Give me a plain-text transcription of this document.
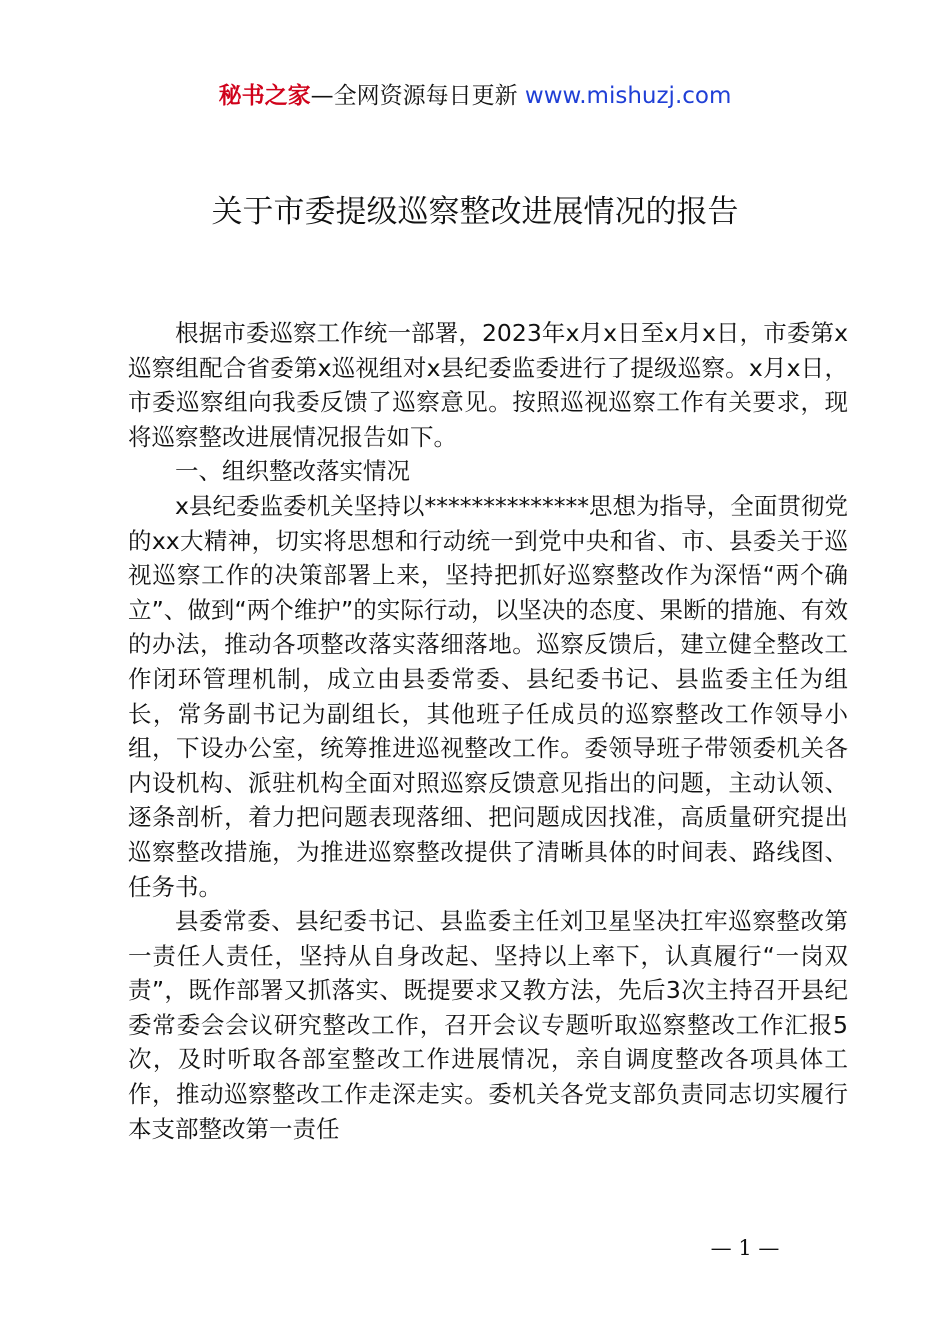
秘书之家—全网资源每日更新 www.mishuzj.com
关于市委提级巡察整改进展情况的报告

根据市委巡察工作统一部署，2023年x月x日至x月x日，市委第x巡察组配合省委第x巡视组对x县纪委监委进行了提级巡察。x月x日，市委巡察组向我委反馈了巡察意见。按照巡视巡察工作有关要求，现将巡察整改进展情况报告如下。

一、组织整改落实情况

x县纪委监委机关坚持以**************思想为指导，全面贯彻党的xx大精神，切实将思想和行动统一到党中央和省、市、县委关于巡视巡察工作的决策部署上来，坚持把抓好巡察整改作为深悟“两个确立”、做到“两个维护”的实际行动，以坚决的态度、果断的措施、有效的办法，推动各项整改落实落细落地。巡察反馈后，建立健全整改工作闭环管理机制，成立由县委常委、县纪委书记、县监委主任为组长，常务副书记为副组长，其他班子任成员的巡察整改工作领导小组，下设办公室，统筹推进巡视整改工作。委领导班子带领委机关各内设机构、派驻机构全面对照巡察反馈意见指出的问题，主动认领、逐条剖析，着力把问题表现落细、把问题成因找准，高质量研究提出巡察整改措施，为推进巡察整改提供了清晰具体的时间表、路线图、任务书。

县委常委、县纪委书记、县监委主任刘卫星坚决扛牢巡察整改第一责任人责任，坚持从自身改起、坚持以上率下，认真履行“一岗双责”，既作部署又抓落实、既提要求又教方法，先后3次主持召开县纪委常委会会议研究整改工作，召开会议专题听取巡察整改工作汇报5次，及时听取各部室整改工作进展情况，亲自调度整改各项具体工作，推动巡察整改工作走深走实。委机关各党支部负责同志切实履行本支部整改第一责任

— 1 —
